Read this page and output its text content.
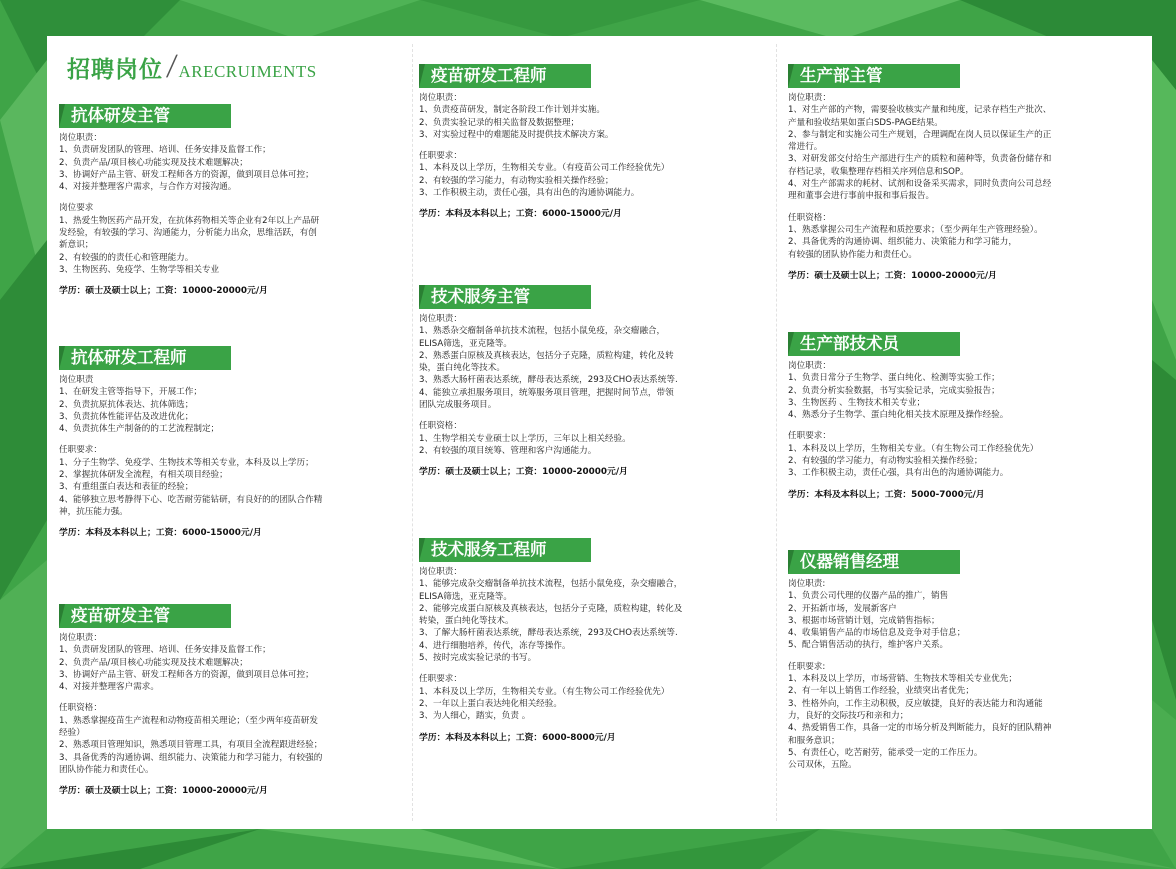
招聘岗位/ARECRUIMENTS
抗体研发主管
岗位职责：
1、负责研发团队的管理、培训、任务安排及监督工作；
2、负责产品/项目核心功能实现及技术难题解决；
3、协调好产品主管、研发工程师各方的资源，做到项目总体可控；
4、对接并整理客户需求，与合作方对接沟通。
岗位要求
1、热爱生物医药产品开发，在抗体药物相关等企业有2年以上产品研
发经验，有较强的学习、沟通能力，分析能力出众，思维活跃，有创
新意识；
2、有较强的的责任心和管理能力。
3、生物医药、免疫学、生物学等相关专业
学历：硕士及硕士以上；工资：10000-20000元/月
抗体研发工程师
岗位职责
1、在研发主管等指导下，开展工作；
2、负责抗原抗体表达、抗体筛选；
3、负责抗体性能评估及改进优化；
4、负责抗体生产制备的的工艺流程制定；
任职要求：
1、分子生物学、免疫学、生物技术等相关专业，本科及以上学历；
2、掌握抗体研发全流程，有相关项目经验；
3、有重组蛋白表达和表征的经验；
4、能够独立思考静得下心、吃苦耐劳能钻研，有良好的的团队合作精
神，抗压能力强。
学历：本科及本科以上；工资：6000-15000元/月
疫苗研发主管
岗位职责：
1、负责研发团队的管理、培训、任务安排及监督工作；
2、负责产品/项目核心功能实现及技术难题解决；
3、协调好产品主管、研发工程师各方的资源，做到项目总体可控；
4、对接并整理客户需求。
任职资格：
1、熟悉掌握疫苗生产流程和动物疫苗相关理论；（至少两年疫苗研发
经验）
2、熟悉项目管理知识，熟悉项目管理工具，有项目全流程跟进经验；
3、具备优秀的沟通协调、组织能力、决策能力和学习能力，有较强的
团队协作能力和责任心。
学历：硕士及硕士以上；工资：10000-20000元/月
疫苗研发工程师
岗位职责：
1、负责疫苗研发，制定各阶段工作计划并实施。
2、负责实验记录的相关监督及数据整理；
3、对实验过程中的难题能及时提供技术解决方案。
任职要求：
1、本科及以上学历，生物相关专业。（有疫苗公司工作经验优先）
2、有较强的学习能力，有动物实验相关操作经验；
3、工作积极主动，责任心强，具有出色的沟通协调能力。
学历：本科及本科以上；工资：6000-15000元/月
技术服务主管
岗位职责：
1、熟悉杂交瘤制备单抗技术流程，包括小鼠免疫，杂交瘤融合，
ELISA筛选，亚克隆等。
2、熟悉蛋白原核及真核表达，包括分子克隆，质粒构建，转化及转
染，蛋白纯化等技术。
3、熟悉大肠杆菌表达系统，酵母表达系统，293及CHO表达系统等.
4、能独立承担服务项目，统筹服务项目管理，把握时间节点，带领
团队完成服务项目。
任职资格：
1、生物学相关专业硕士以上学历，三年以上相关经验。
2、有较强的项目统筹、管理和客户沟通能力。
学历：硕士及硕士以上；工资：10000-20000元/月
技术服务工程师
岗位职责：
1、能够完成杂交瘤制备单抗技术流程，包括小鼠免疫，杂交瘤融合，
ELISA筛选，亚克隆等。
2、能够完成蛋白原核及真核表达，包括分子克隆，质粒构建，转化及
转染，蛋白纯化等技术。
3、了解大肠杆菌表达系统，酵母表达系统，293及CHO表达系统等.
4、进行细胞培养，传代，冻存等操作。
5、按时完成实验记录的书写。
任职要求：
1、本科及以上学历，生物相关专业。（有生物公司工作经验优先）
2、一年以上蛋白表达纯化相关经验。
3、为人细心，踏实，负责 。
学历：本科及本科以上；工资：6000-8000元/月
生产部主管
岗位职责：
1、对生产部的产物，需要验收核实产量和纯度，记录存档生产批次、
产量和验收结果如蛋白SDS-PAGE结果。
2、参与制定和实施公司生产规划，合理调配在岗人员以保证生产的正
常进行。
3、对研发部交付给生产部进行生产的质粒和菌种等，负责备份储存和
存档记录，收集整理存档相关序列信息和SOP。
4、对生产部需求的耗材、试剂和设备采买需求，同时负责向公司总经
理和董事会进行事前申报和事后报告。
任职资格：
1、熟悉掌握公司生产流程和质控要求；（至少两年生产管理经验）。
2、具备优秀的沟通协调、组织能力、决策能力和学习能力，
有较强的团队协作能力和责任心。
学历：硕士及硕士以上；工资：10000-20000元/月
生产部技术员
岗位职责：
1、负责日常分子生物学、蛋白纯化、检测等实验工作；
2、负责分析实验数据，书写实验记录，完成实验报告；
3、生物医药 、生物技术相关专业；
4、熟悉分子生物学、蛋白纯化相关技术原理及操作经验。
任职要求：
1、本科及以上学历，生物相关专业。（有生物公司工作经验优先）
2、有较强的学习能力，有动物实验相关操作经验；
3、工作积极主动，责任心强，具有出色的沟通协调能力。
学历：本科及本科以上；工资：5000-7000元/月
仪器销售经理
岗位职责:
1、负责公司代理的仪器产品的推广，销售
2、开拓新市场，发展新客户
3、根据市场营销计划，完成销售指标；
4、收集销售产品的市场信息及竞争对手信息；
5、配合销售活动的执行，维护客户关系。
任职要求:
1、本科及以上学历，市场营销、生物技术等相关专业优先；
2、有一年以上销售工作经验，业绩突出者优先；
3、性格外向，工作主动积极，反应敏捷，良好的表达能力和沟通能
力，良好的交际技巧和亲和力；
4、热爱销售工作，具备一定的市场分析及判断能力，良好的团队精神
和服务意识；
5、有责任心，吃苦耐劳，能承受一定的工作压力。
公司双休，五险。
